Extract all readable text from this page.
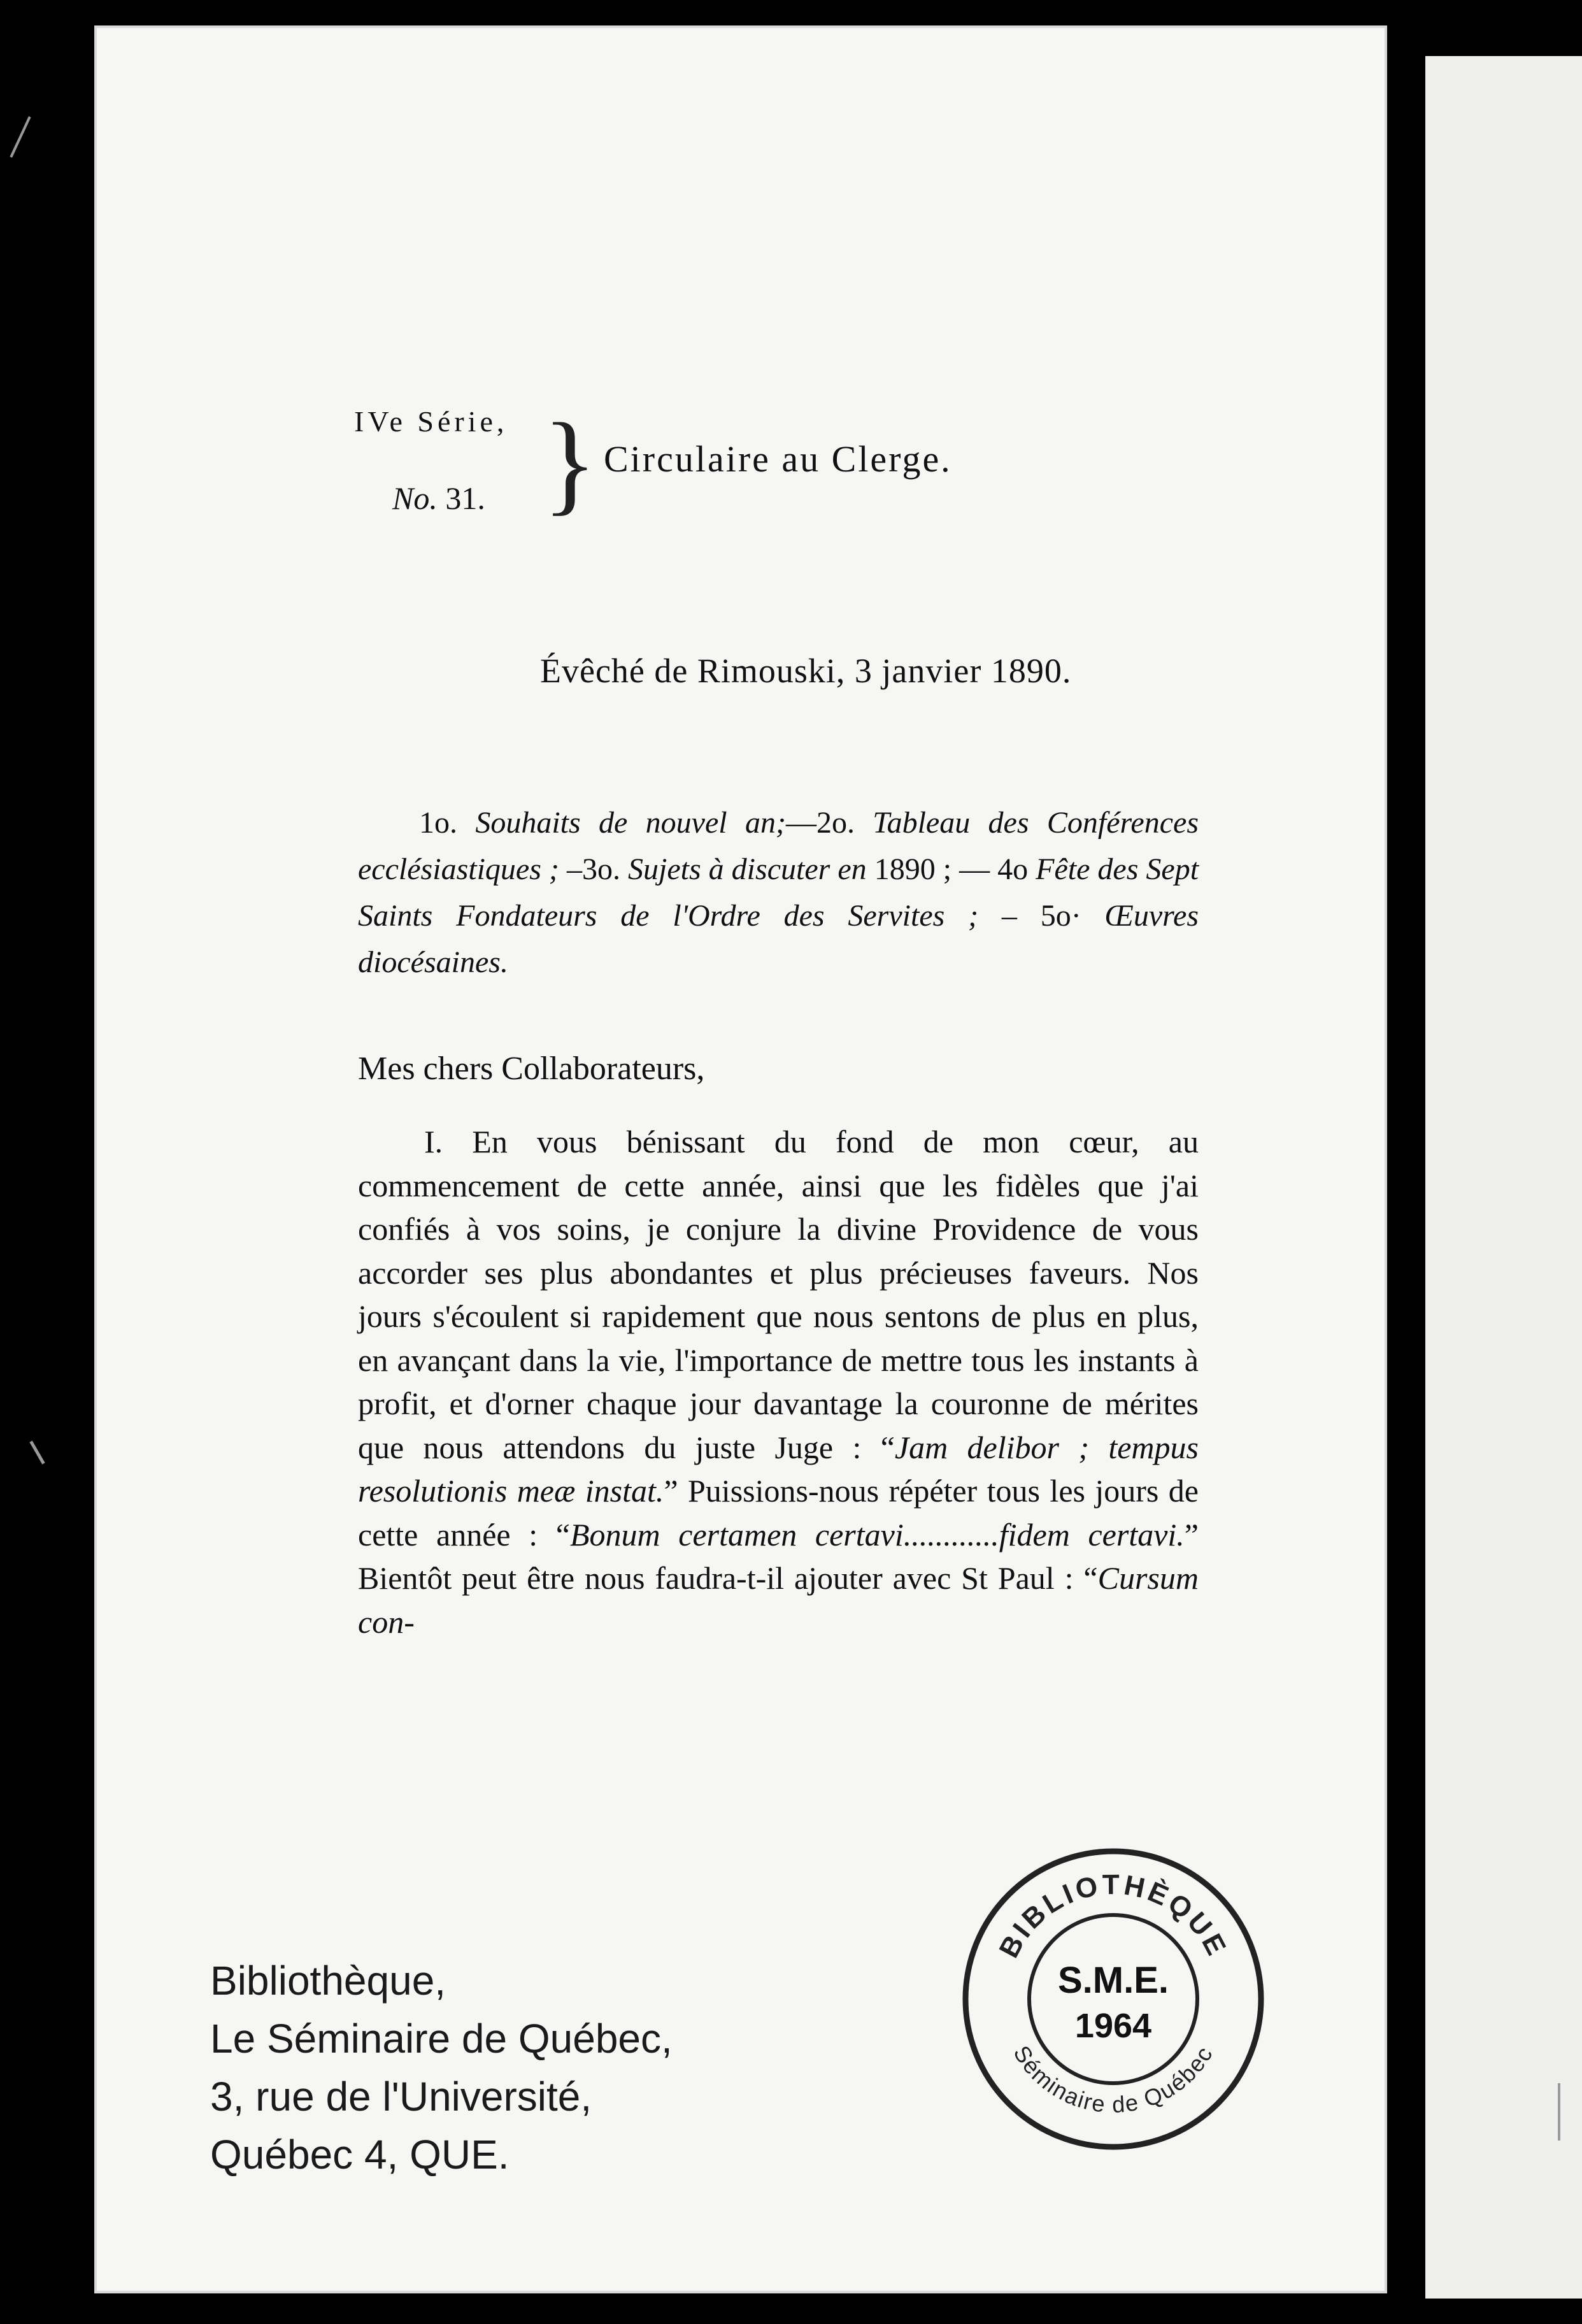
IVe Série,
No. 31. } Circulaire au Clerge.
Évêché de Rimouski, 3 janvier 1890.
1o. Souhaits de nouvel an;—2o. Tableau des Conférences ecclésiastiques ; –3o. Sujets à discuter en 1890 ; — 4o Fête des Sept Saints Fondateurs de l'Ordre des Servites ; – 5o· Œuvres diocésaines.
Mes chers Collaborateurs,
I. En vous bénissant du fond de mon cœur, au commencement de cette année, ainsi que les fidèles que j'ai confiés à vos soins, je conjure la divine Providence de vous accorder ses plus abondantes et plus précieuses faveurs. Nos jours s'écoulent si rapidement que nous sentons de plus en plus, en avançant dans la vie, l'importance de mettre tous les instants à profit, et d'orner chaque jour davantage la couronne de mérites que nous attendons du juste Juge : “Jam delibor ; tempus resolutionis meæ instat.” Puissions-nous répéter tous les jours de cette année : “Bonum certamen certavi............fidem certavi.” Bientôt peut être nous faudra-t-il ajouter avec St Paul : “Cursum con-
Bibliothèque,
Le Séminaire de Québec,
3, rue de l'Université,
Québec 4, QUE.
BIBLIOTHÈQUE
Séminaire de Québec
S.M.E.
1964
